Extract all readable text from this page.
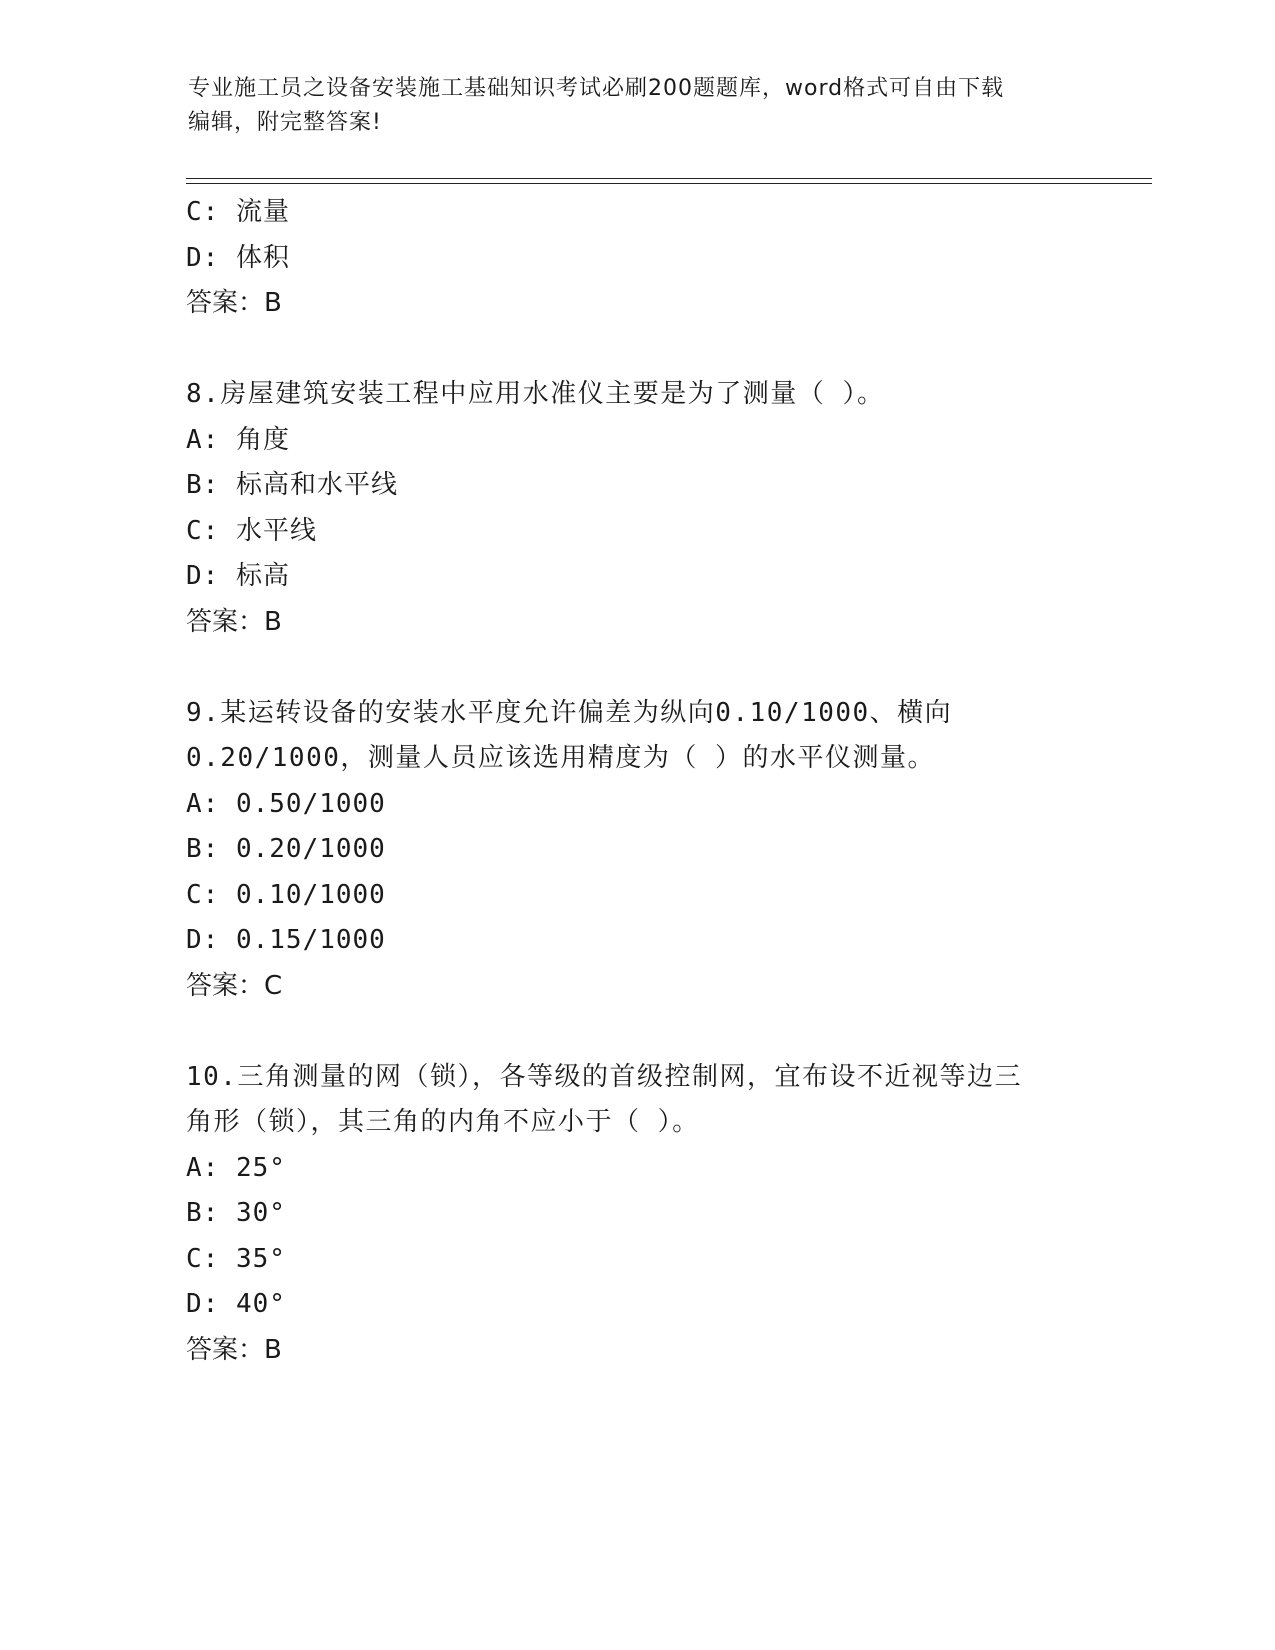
专业施工员之设备安装施工基础知识考试必刷200题题库，word格式可自由下载
编辑，附完整答案!
C: 流量
D: 体积
答案：B
8.房屋建筑安装工程中应用水准仪主要是为了测量（ ）。
A: 角度
B: 标高和水平线
C: 水平线
D: 标高
答案：B
9.某运转设备的安装水平度允许偏差为纵向0.10/1000、横向
0.20/1000，测量人员应该选用精度为（ ）的水平仪测量。
A: 0.50/1000
B: 0.20/1000
C: 0.10/1000
D: 0.15/1000
答案：C
10.三角测量的网（锁），各等级的首级控制网，宜布设不近视等边三
角形（锁），其三角的内角不应小于（ ）。
A: 25°
B: 30°
C: 35°
D: 40°
答案：B
